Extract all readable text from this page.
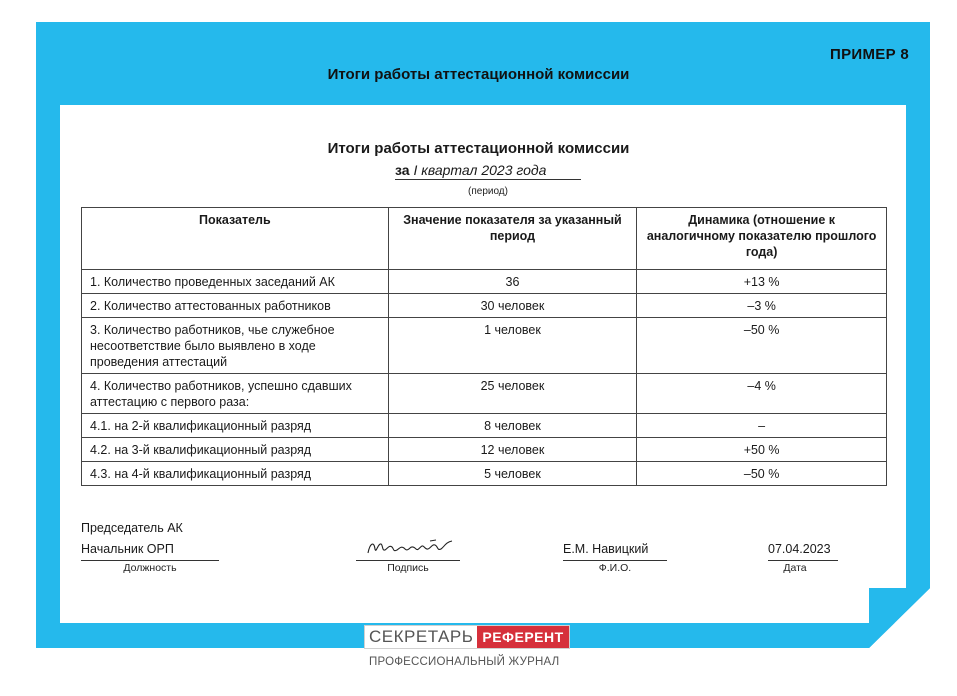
ПРИМЕР 8
Итоги работы аттестационной комиссии
Итоги работы аттестационной комиссии
за I квартал 2023 года
(период)
Показатель	Значение показателя за указанный период	Динамика (отношение к аналогичному показателю прошлого года)
1. Количество проведенных заседаний АК	36	+13 %
2. Количество аттестованных работников	30 человек	–3 %
3. Количество работников, чье служебное несоответствие было выявлено в ходе проведения аттестаций	1 человек	–50 %
4. Количество работников, успешно сдавших аттестацию с первого раза:	25 человек	–4 %
4.1. на 2-й квалификационный разряд	8 человек	–
4.2. на 3-й квалификационный разряд	12 человек	+50 %
4.3. на 4-й квалификационный разряд	5 человек	–50 %
Председатель АК
Начальник ОРП
Должность	Подпись
Е.М. Навицкий
Ф.И.О.
07.04.2023
Дата
СЕКРЕТАРЬ РЕФЕРЕНТ
ПРОФЕССИОНАЛЬНЫЙ ЖУРНАЛ
